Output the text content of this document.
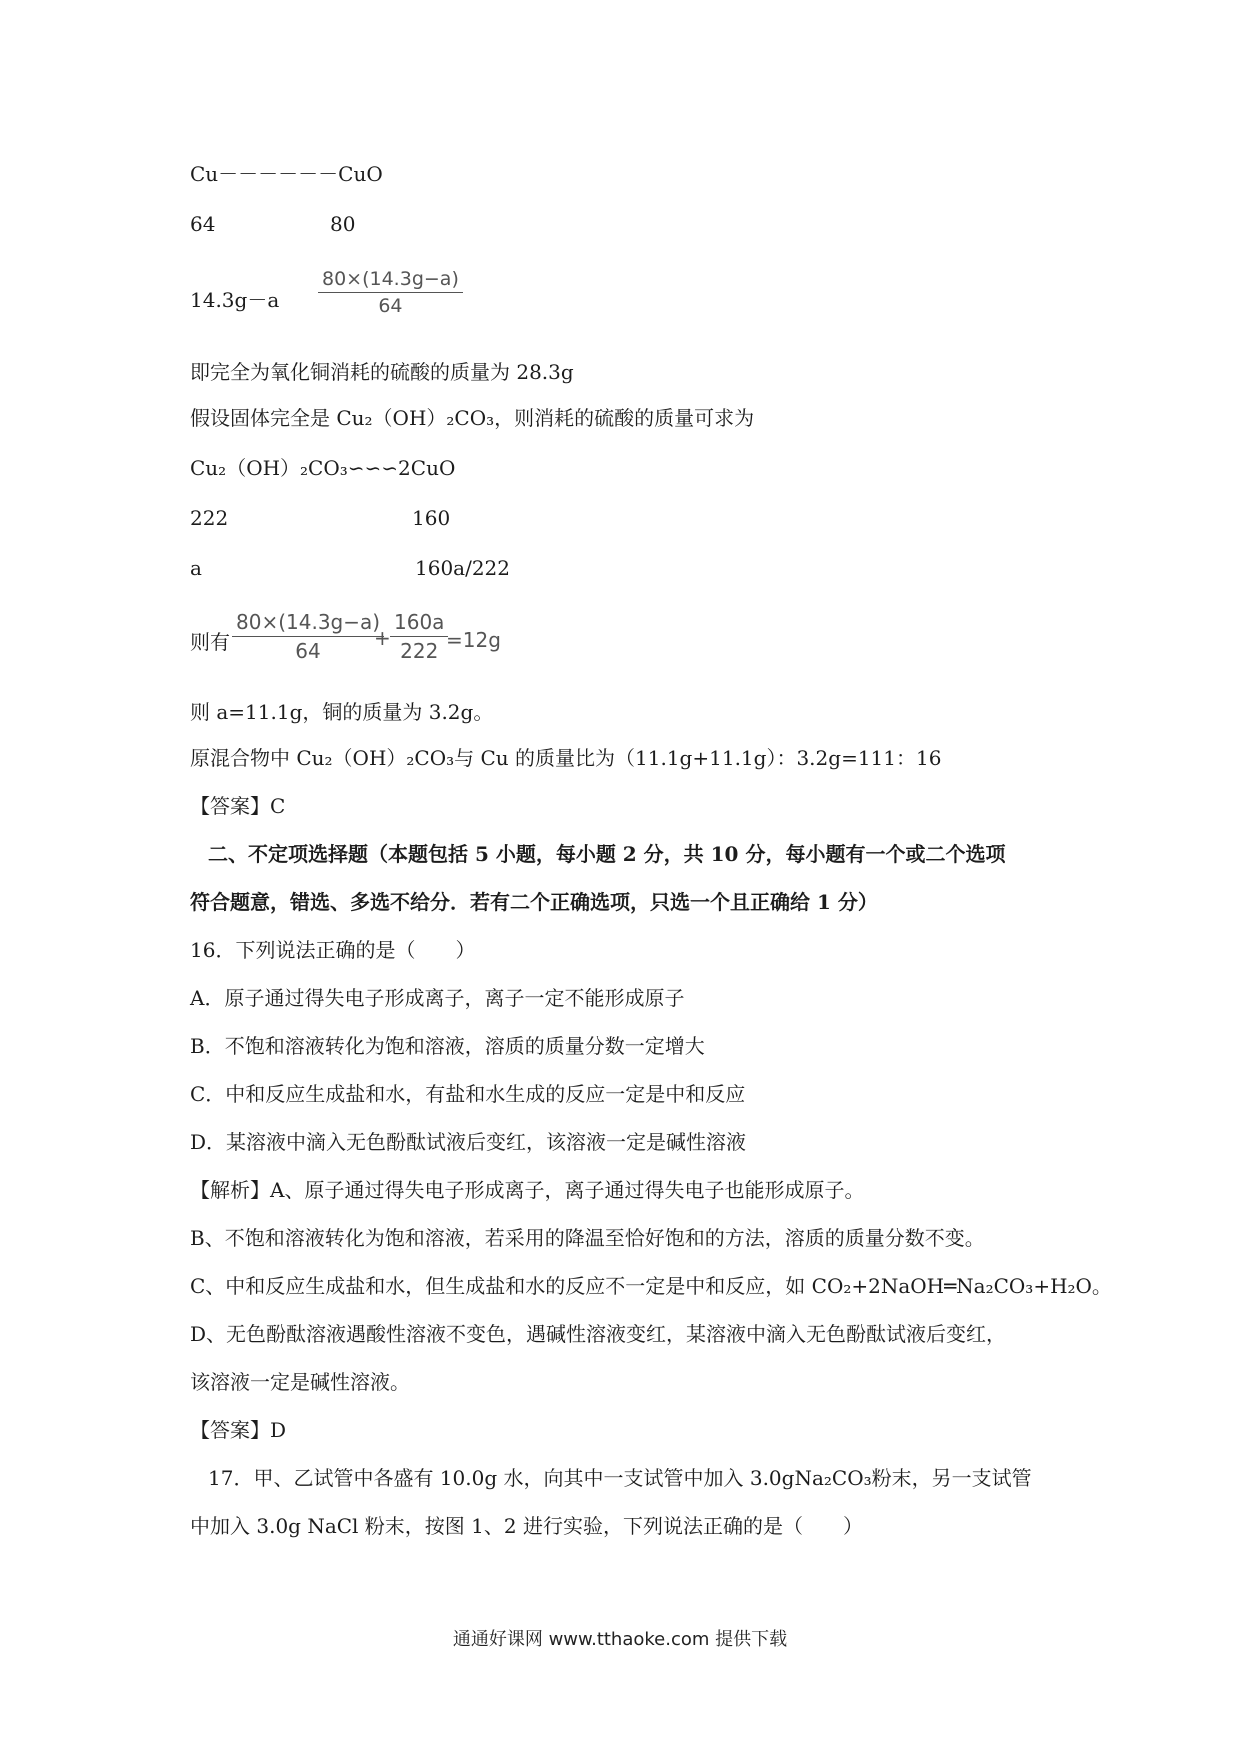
Cu－－－－－－CuO
64	80
$14.3g-a \frac{80\times(14.3g-a)}{64}$
即完全为氧化铜消耗的硫酸的质量为 28.3g
假设固体完全是 Cu₂（OH）₂CO₃，则消耗的硫酸的质量可求为
Cu₂（OH）₂CO₃∽∽∽2CuO
222	160
a	160a/222
则有 $\frac{80\times(14.3g-a)}{64}$
+ $\frac{160a}{222}$
=12g
则 a=11.1g，铜的质量为 3.2g。
原混合物中 Cu₂（OH）₂CO₃与 Cu 的质量比为（11.1g+11.1g）：3.2g=111：16
【答案】C
二、不定项选择题（本题包括 5 小题，每小题 2 分，共 10 分，每小题有一个或二个选项
符合题意，错选、多选不给分．若有二个正确选项，只选一个且正确给 1 分）
16．下列说法正确的是（　　）
A．原子通过得失电子形成离子，离子一定不能形成原子
B．不饱和溶液转化为饱和溶液，溶质的质量分数一定增大
C．中和反应生成盐和水，有盐和水生成的反应一定是中和反应
D．某溶液中滴入无色酚酞试液后变红，该溶液一定是碱性溶液
【解析】A、原子通过得失电子形成离子，离子通过得失电子也能形成原子。
B、不饱和溶液转化为饱和溶液，若采用的降温至恰好饱和的方法，溶质的质量分数不变。
C、中和反应生成盐和水，但生成盐和水的反应不一定是中和反应，如 CO₂+2NaOH═Na₂CO₃+H₂O。
D、无色酚酞溶液遇酸性溶液不变色，遇碱性溶液变红，某溶液中滴入无色酚酞试液后变红，
该溶液一定是碱性溶液。
【答案】D
17．甲、乙试管中各盛有 10.0g 水，向其中一支试管中加入 3.0gNa₂CO₃粉末，另一支试管
中加入 3.0g NaCl 粉末，按图 1、2 进行实验，下列说法正确的是（　　）
通通好课网 www.tthaoke.com 提供下载
